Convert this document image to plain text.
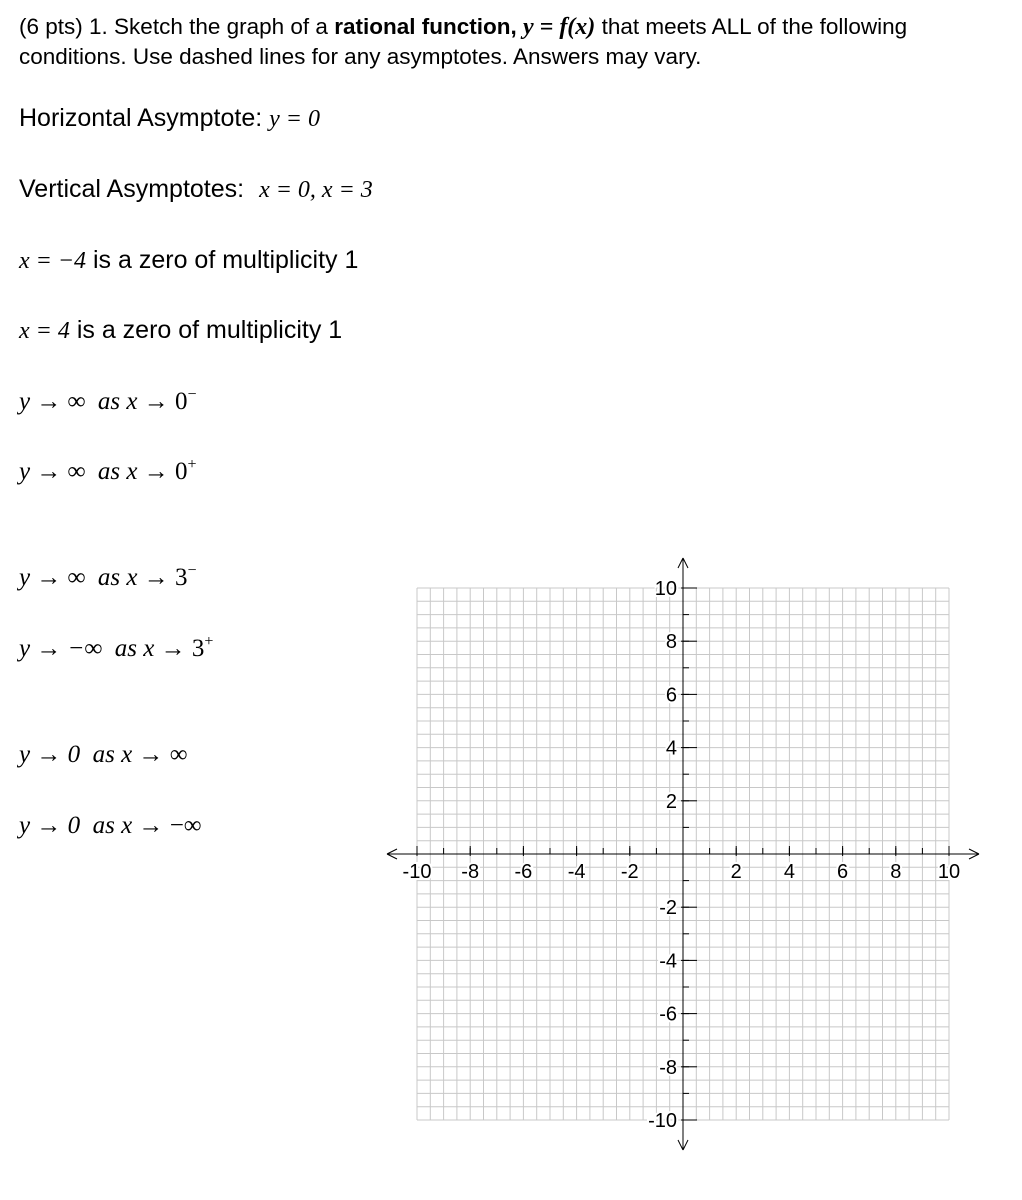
(6 pts) 1. Sketch the graph of a rational function, y = f(x) that meets ALL of the following conditions. Use dashed lines for any asymptotes. Answers may vary.
Horizontal Asymptote: y = 0
Vertical Asymptotes: x = 0, x = 3
x = −4 is a zero of multiplicity 1
x = 4 is a zero of multiplicity 1
y → ∞ as x → 0−
y → ∞ as x → 0+
y → ∞ as x → 3−
y → −∞ as x → 3+
y → 0 as x → ∞
y → 0 as x → −∞
-10 -8 -6 -4 -2	2 4 6 8 10
10
8
6
4
2
-2
-4
-6
-8
-10
